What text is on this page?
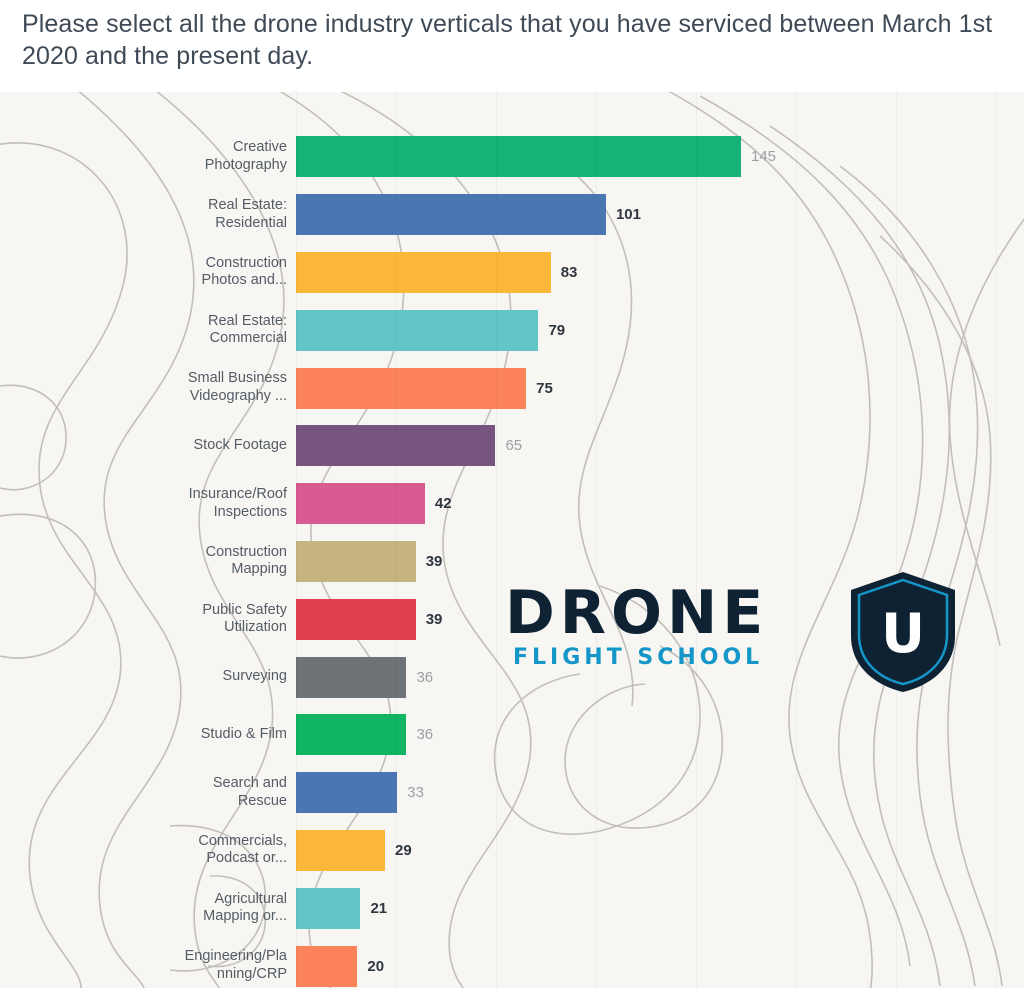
Creative
Photography	145
Real Estate:
Residential	101
Construction
Photos and...	83
Real Estate:
Commercial	79
Small Business
Videography ...	75
Stock Footage	65
Insurance/Roof
Inspections	42
Construction
Mapping	39
Public Safety
Utilization	39
Surveying	36
Studio & Film	36
Search and
Rescue	33
Commercials,
Podcast or...	29
Agricultural
Mapping or...	21
Engineering/Pla
nning/CRP	20
Please select all the drone industry verticals that you have serviced between March 1st 2020 and the present day.
DRONE
FLIGHT SCHOOL U
